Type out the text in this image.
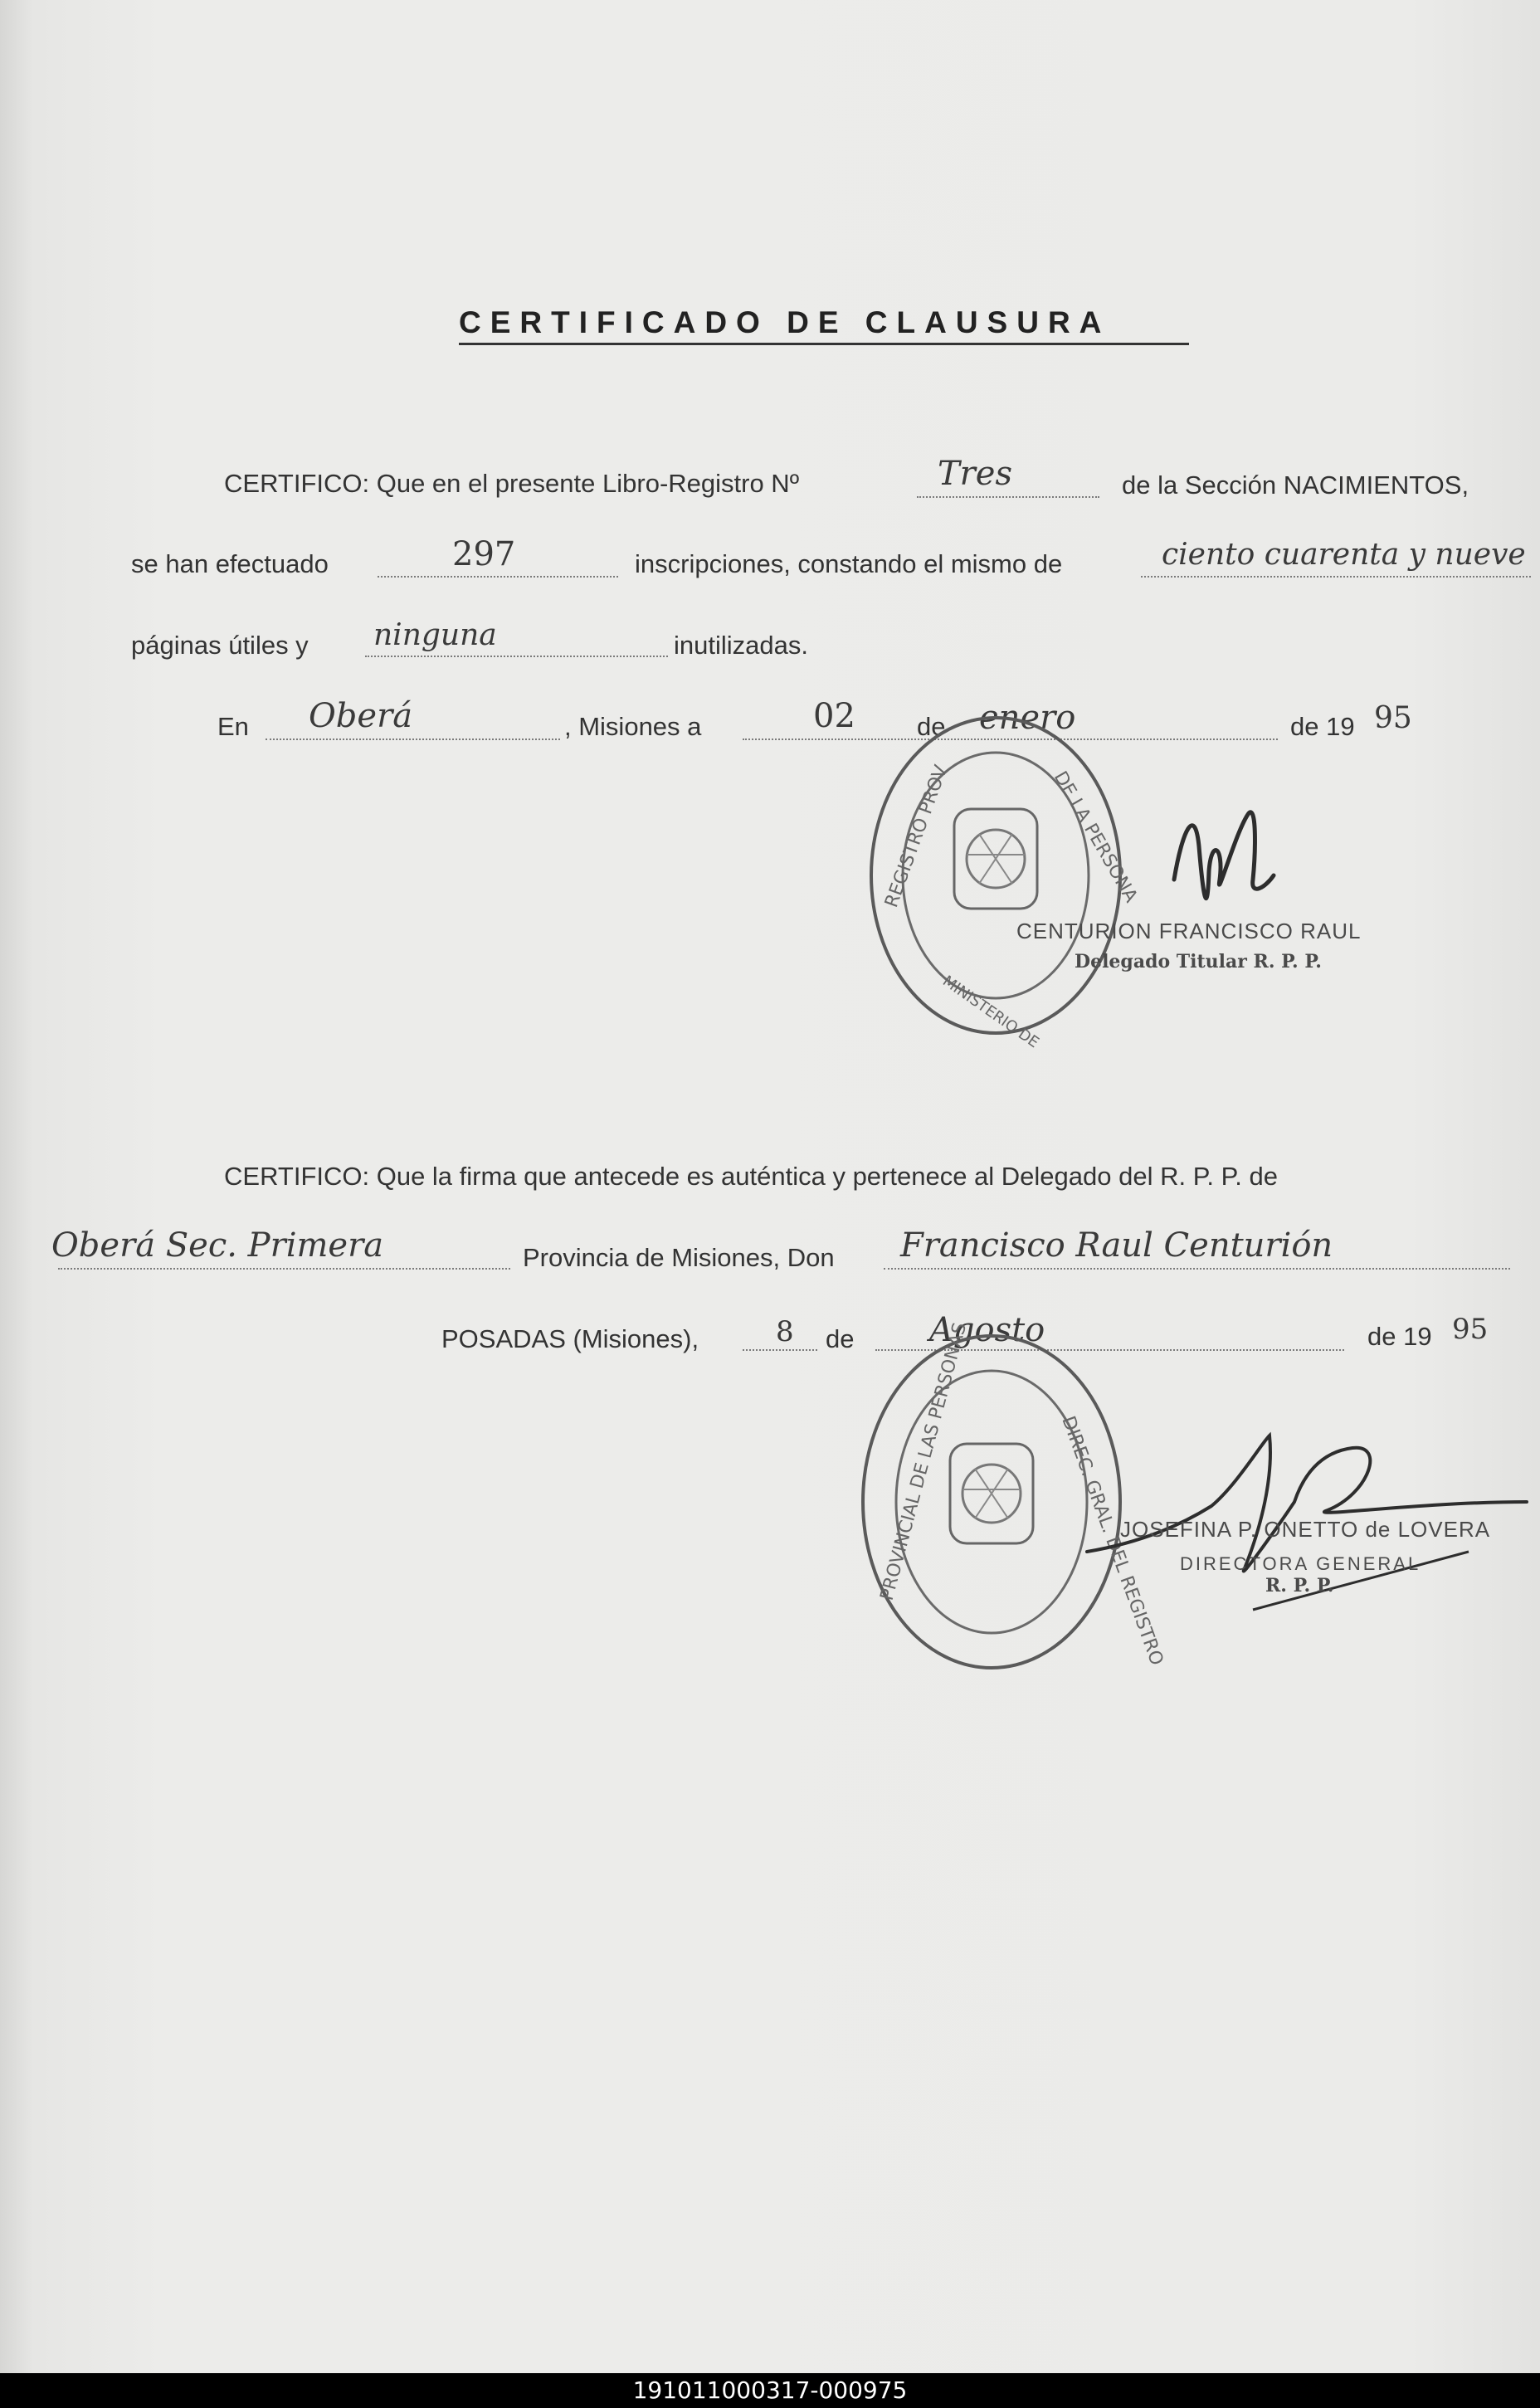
CERTIFICADO DE CLAUSURA
CERTIFICO: Que en el presente Libro-Registro Nº	Tres	de la Sección NACIMIENTOS,
se han efectuado	297	inscripciones, constando el mismo de	ciento cuarenta y nueve
páginas útiles y ninguna	inutilizadas.
En Oberá	, Misiones a	02 de enero	de 19 95
REGISTRO PROV	DE LA PERSONA
MINISTERIO DE
CENTURION FRANCISCO RAUL
Delegado Titular R. P. P.
CERTIFICO: Que la firma que antecede es auténtica y pertenece al Delegado del R. P. P. de
Oberá Sec. Primera	Provincia de Misiones, Don Francisco Raul Centurión
POSADAS (Misiones),	8 de Agosto	de 19 95
PROVINCIAL DE LAS PERSONAS	DIREC. GRAL. DEL REGISTRO
JOSEFINA P. ONETTO de LOVERA
DIRECTORA GENERAL
R. P. P.
191011000317-000975
